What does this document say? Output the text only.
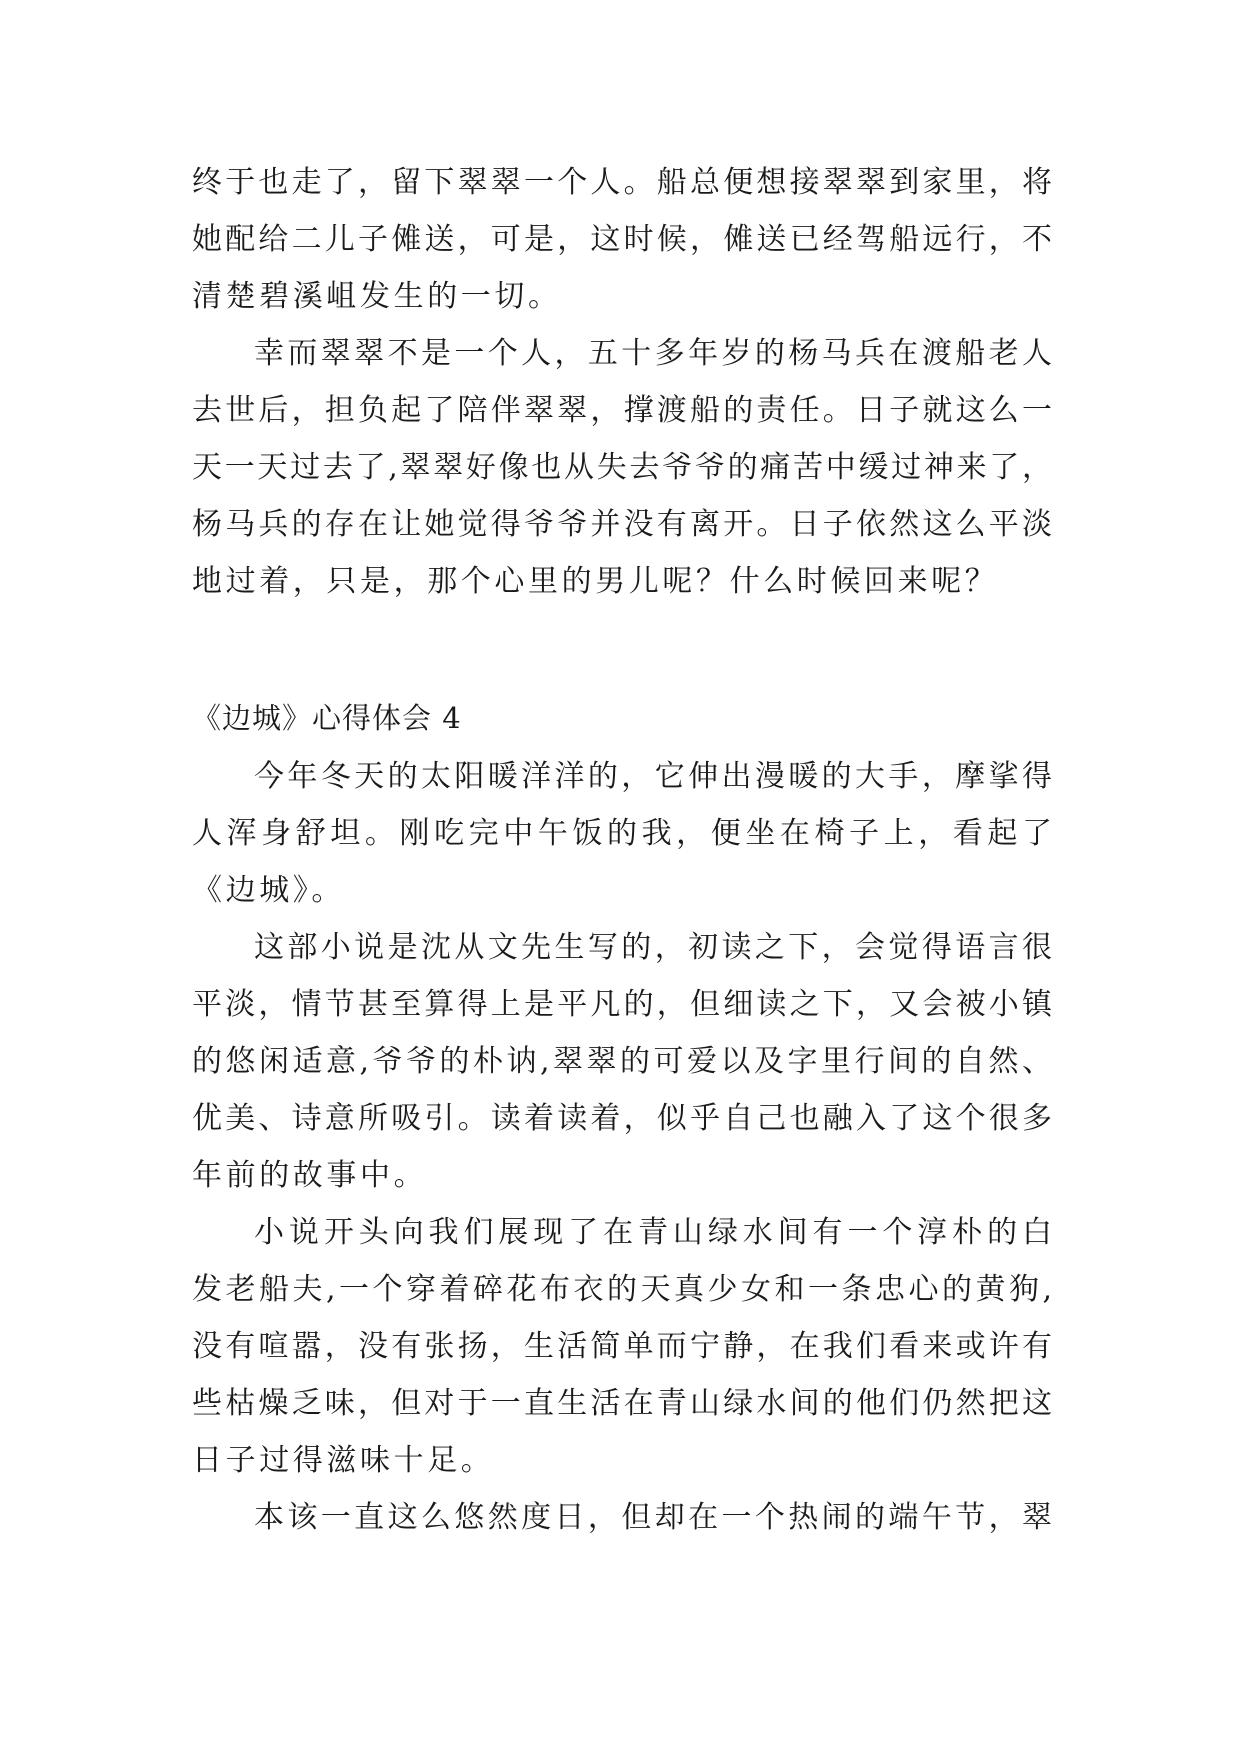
终于也走了，留下翠翠一个人。船总便想接翠翠到家里，将
她配给二儿子傩送，可是，这时候，傩送已经驾船远行，不
清楚碧溪岨发生的一切。
幸而翠翠不是一个人，五十多年岁的杨马兵在渡船老人
去世后，担负起了陪伴翠翠，撑渡船的责任。日子就这么一
天一天过去了,翠翠好像也从失去爷爷的痛苦中缓过神来了，
杨马兵的存在让她觉得爷爷并没有离开。日子依然这么平淡
地过着，只是，那个心里的男儿呢？什么时候回来呢？
《边城》心得体会 4
今年冬天的太阳暖洋洋的，它伸出漫暖的大手，摩挲得
人浑身舒坦。刚吃完中午饭的我，便坐在椅子上，看起了
《边城》。
这部小说是沈从文先生写的，初读之下，会觉得语言很
平淡，情节甚至算得上是平凡的，但细读之下，又会被小镇
的悠闲适意,爷爷的朴讷,翠翠的可爱以及字里行间的自然、
优美、诗意所吸引。读着读着，似乎自己也融入了这个很多
年前的故事中。
小说开头向我们展现了在青山绿水间有一个淳朴的白
发老船夫,一个穿着碎花布衣的天真少女和一条忠心的黄狗,
没有喧嚣，没有张扬，生活简单而宁静，在我们看来或许有
些枯燥乏味，但对于一直生活在青山绿水间的他们仍然把这
日子过得滋味十足。
本该一直这么悠然度日，但却在一个热闹的端午节，翠
